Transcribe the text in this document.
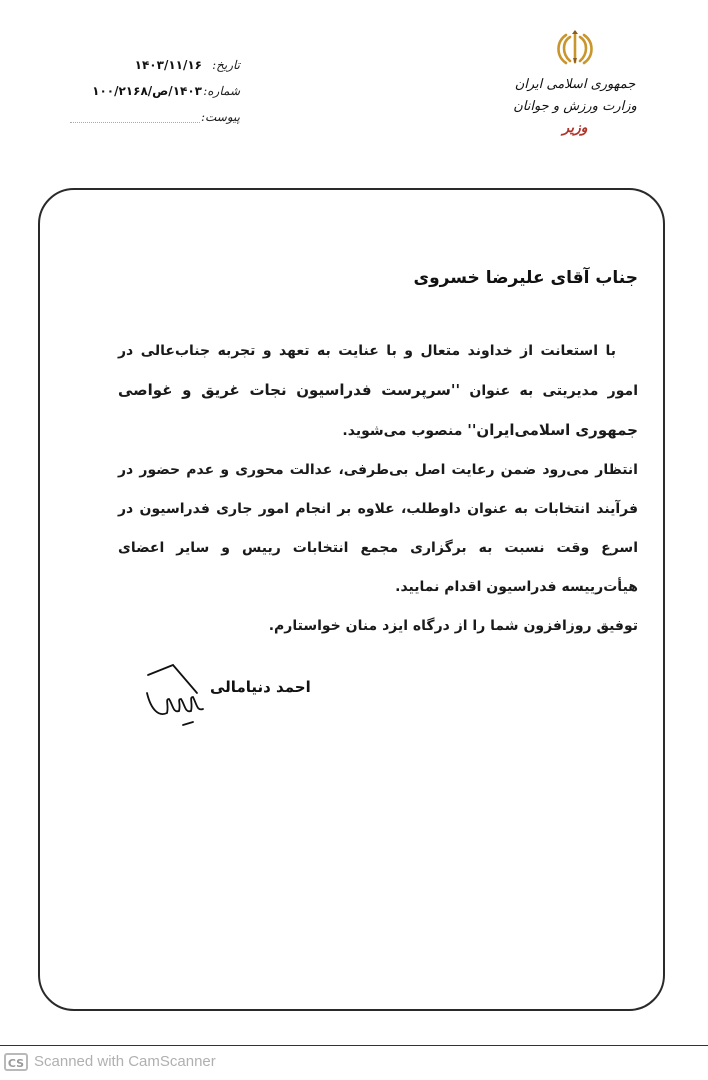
تاریخ:
۱۴۰۳/۱۱/۱۶
شماره:
۱۴۰۳/ص/۱۰۰/۲۱۶۸
پیوست:
جمهوری اسلامی ایران
وزارت ورزش و جوانان
وزیر
جناب آقای علیرضا خسروی

با استعانت از خداوند متعال و با عنایت به تعهد و تجربه جناب‌عالی در امور مدیریتی به عنوان ''سرپرست فدراسیون نجات غریق و غواصی جمهوری اسلامی‌ایران'' منصوب می‌شوید.

انتظار می‌رود ضمن رعایت اصل بی‌طرفی، عدالت محوری و عدم حضور در فرآیند انتخابات به عنوان داوطلب، علاوه بر انجام امور جاری فدراسیون در اسرع وقت نسبت به برگزاری مجمع انتخابات رییس و سایر اعضای هیأت‌رییسه فدراسیون اقدام نمایید.

توفیق روزافزون شما را از درگاه ایزد منان خواستارم.

احمد دنیامالی
CS Scanned with CamScanner
